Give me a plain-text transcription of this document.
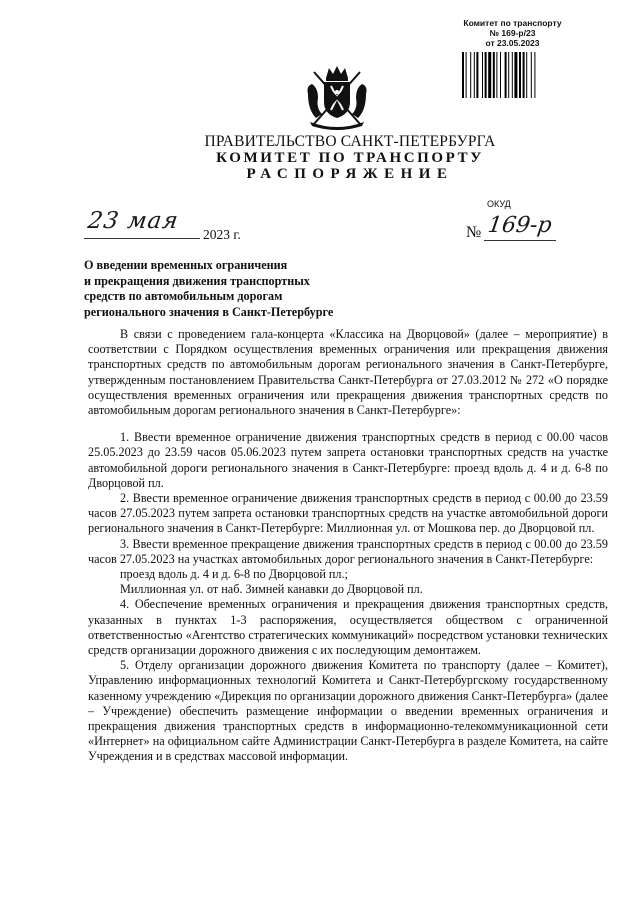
Комитет по транспорту
№ 169-р/23
от 23.05.2023
ПРАВИТЕЛЬСТВО САНКТ-ПЕТЕРБУРГА
КОМИТЕТ ПО ТРАНСПОРТУ
РАСПОРЯЖЕНИЕ
ОКУД
23 мая
2023 г.	№ 169-р
О введении временных ограничения
и прекращения движения транспортных
средств по автомобильным дорогам
регионального значения в Санкт-Петербурге

В связи с проведением гала-концерта «Классика на Дворцовой» (далее – мероприятие) в соответствии с Порядком осуществления временных ограничения или прекращения движения транспортных средств по автомобильным дорогам регионального значения в Санкт-Петербурге, утвержденным постановлением Правительства Санкт-Петербурга от 27.03.2012 № 272 «О порядке осуществления временных ограничения или прекращения движения транспортных средств по автомобильным дорогам регионального значения в Санкт-Петербурге»:

1. Ввести временное ограничение движения транспортных средств в период с 00.00 часов 25.05.2023 до 23.59 часов 05.06.2023 путем запрета остановки транспортных средств на участке автомобильной дороги регионального значения в Санкт-Петербурге: проезд вдоль д. 4 и д. 6-8 по Дворцовой пл.

2. Ввести временное ограничение движения транспортных средств в период с 00.00 до 23.59 часов 27.05.2023 путем запрета остановки транспортных средств на участке автомобильной дороги регионального значения в Санкт-Петербурге: Миллионная ул. от Мошкова пер. до Дворцовой пл.

3. Ввести временное прекращение движения транспортных средств в период с 00.00 до 23.59 часов 27.05.2023 на участках автомобильных дорог регионального значения в Санкт-Петербурге:

проезд вдоль д. 4 и д. 6-8 по Дворцовой пл.;

Миллионная ул. от наб. Зимней канавки до Дворцовой пл.

4. Обеспечение временных ограничения и прекращения движения транспортных средств, указанных в пунктах 1-3 распоряжения, осуществляется обществом с ограниченной ответственностью «Агентство стратегических коммуникаций» посредством установки технических средств организации дорожного движения с их последующим демонтажем.

5. Отделу организации дорожного движения Комитета по транспорту (далее – Комитет), Управлению информационных технологий Комитета и Санкт-Петербургскому государственному казенному учреждению «Дирекция по организации дорожного движения Санкт-Петербурга» (далее – Учреждение) обеспечить размещение информации о введении временных ограничения и прекращения движения транспортных средств в информационно-телекоммуникационной сети «Интернет» на официальном сайте Администрации Санкт-Петербурга в разделе Комитета, на сайте Учреждения и в средствах массовой информации.
